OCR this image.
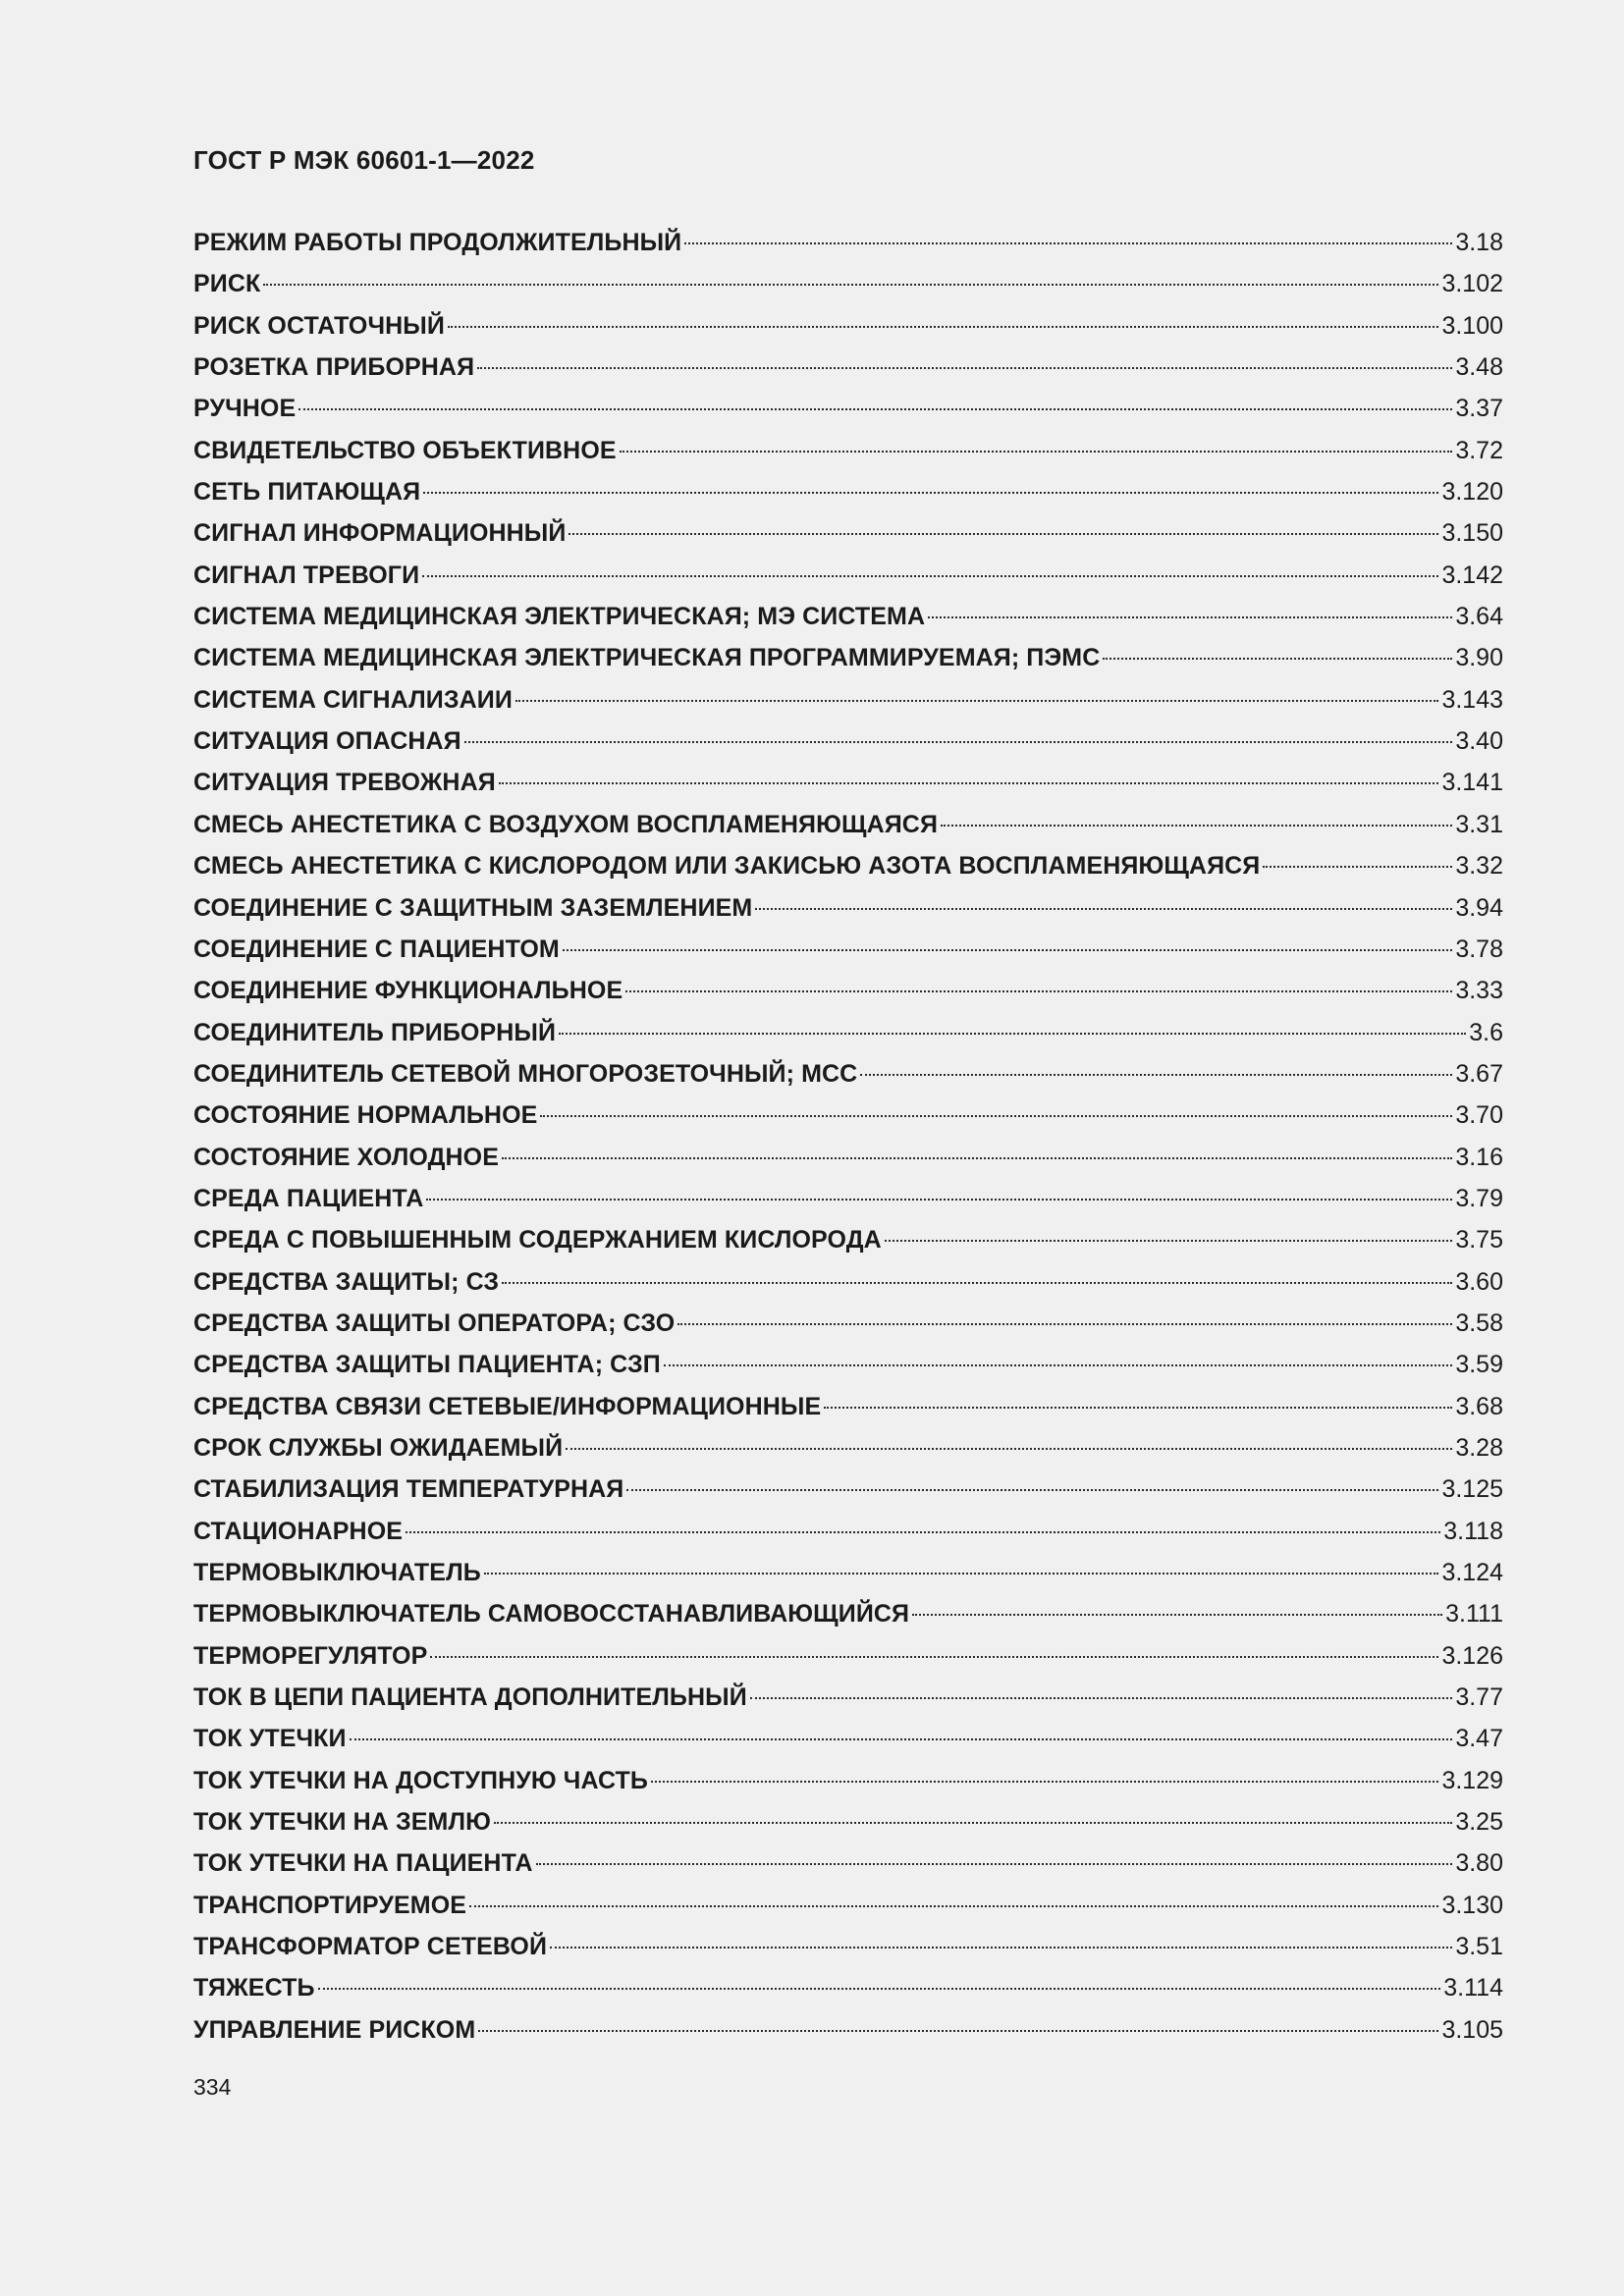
ГОСТ Р МЭК 60601-1—2022
РЕЖИМ РАБОТЫ ПРОДОЛЖИТЕЛЬНЫЙ	3.18
РИСК	3.102
РИСК ОСТАТОЧНЫЙ	3.100
РОЗЕТКА ПРИБОРНАЯ	3.48
РУЧНОЕ	3.37
СВИДЕТЕЛЬСТВО ОБЪЕКТИВНОЕ	3.72
СЕТЬ ПИТАЮЩАЯ	3.120
СИГНАЛ ИНФОРМАЦИОННЫЙ	3.150
СИГНАЛ ТРЕВОГИ	3.142
СИСТЕМА МЕДИЦИНСКАЯ ЭЛЕКТРИЧЕСКАЯ; МЭ СИСТЕМА	3.64
СИСТЕМА МЕДИЦИНСКАЯ ЭЛЕКТРИЧЕСКАЯ ПРОГРАММИРУЕМАЯ; ПЭМС	3.90
СИСТЕМА СИГНАЛИЗАИИ	3.143
СИТУАЦИЯ ОПАСНАЯ	3.40
СИТУАЦИЯ ТРЕВОЖНАЯ	3.141
СМЕСЬ АНЕСТЕТИКА С ВОЗДУХОМ ВОСПЛАМЕНЯЮЩАЯСЯ	3.31
СМЕСЬ АНЕСТЕТИКА С КИСЛОРОДОМ ИЛИ ЗАКИСЬЮ АЗОТА ВОСПЛАМЕНЯЮЩАЯСЯ	3.32
СОЕДИНЕНИЕ С ЗАЩИТНЫМ ЗАЗЕМЛЕНИЕМ	3.94
СОЕДИНЕНИЕ С ПАЦИЕНТОМ	3.78
СОЕДИНЕНИЕ ФУНКЦИОНАЛЬНОЕ	3.33
СОЕДИНИТЕЛЬ ПРИБОРНЫЙ	3.6
СОЕДИНИТЕЛЬ СЕТЕВОЙ МНОГОРОЗЕТОЧНЫЙ; МСС	3.67
СОСТОЯНИЕ НОРМАЛЬНОЕ	3.70
СОСТОЯНИЕ ХОЛОДНОЕ	3.16
СРЕДА ПАЦИЕНТА	3.79
СРЕДА С ПОВЫШЕННЫМ СОДЕРЖАНИЕМ КИСЛОРОДА	3.75
СРЕДСТВА ЗАЩИТЫ; СЗ	3.60
СРЕДСТВА ЗАЩИТЫ ОПЕРАТОРА; СЗО	3.58
СРЕДСТВА ЗАЩИТЫ ПАЦИЕНТА; СЗП	3.59
СРЕДСТВА СВЯЗИ СЕТЕВЫЕ/ИНФОРМАЦИОННЫЕ	3.68
СРОК СЛУЖБЫ ОЖИДАЕМЫЙ	3.28
СТАБИЛИЗАЦИЯ ТЕМПЕРАТУРНАЯ	3.125
СТАЦИОНАРНОЕ	3.118
ТЕРМОВЫКЛЮЧАТЕЛЬ	3.124
ТЕРМОВЫКЛЮЧАТЕЛЬ САМОВОССТАНАВЛИВАЮЩИЙСЯ	3.111
ТЕРМОРЕГУЛЯТОР	3.126
ТОК В ЦЕПИ ПАЦИЕНТА ДОПОЛНИТЕЛЬНЫЙ	3.77
ТОК УТЕЧКИ	3.47
ТОК УТЕЧКИ НА ДОСТУПНУЮ ЧАСТЬ	3.129
ТОК УТЕЧКИ НА ЗЕМЛЮ	3.25
ТОК УТЕЧКИ НА ПАЦИЕНТА	3.80
ТРАНСПОРТИРУЕМОЕ	3.130
ТРАНСФОРМАТОР СЕТЕВОЙ	3.51
ТЯЖЕСТЬ	3.114
УПРАВЛЕНИЕ РИСКОМ	3.105
334
